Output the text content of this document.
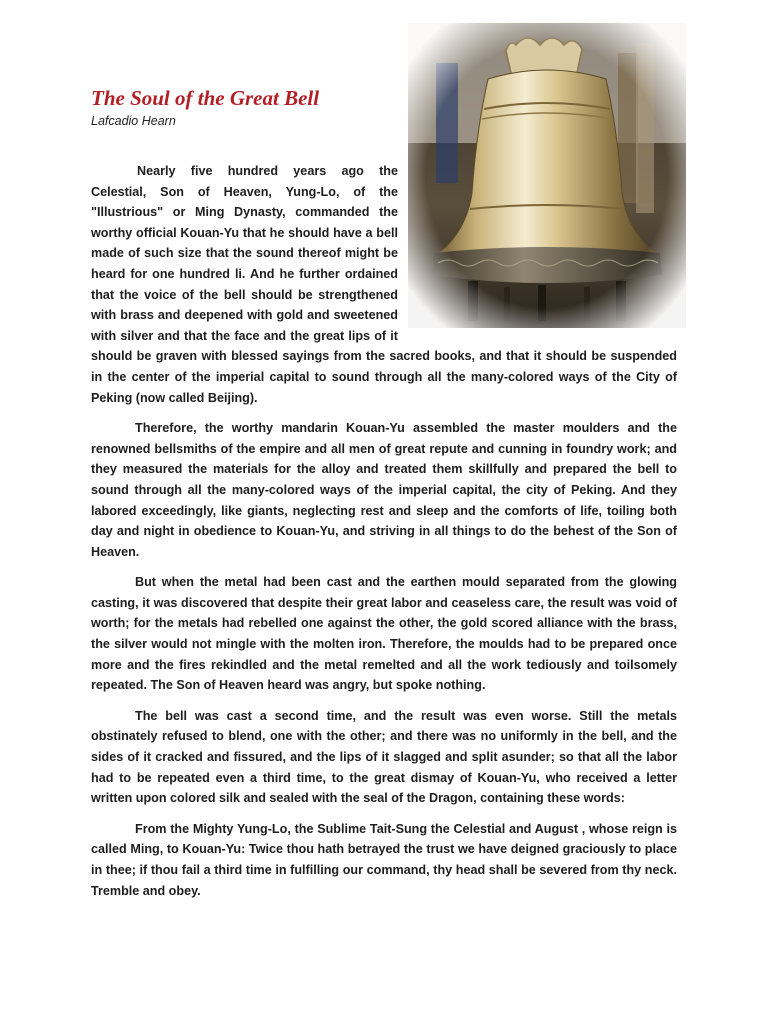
The Soul of the Great Bell
Lafcadio Hearn

Nearly five hundred years ago the Celestial, Son of Heaven, Yung-Lo, of the "Illustrious" or Ming Dynasty, commanded the worthy official Kouan-Yu that he should have a bell made of such size that the sound thereof might be heard for one hundred li. And he further ordained that the voice of the bell should be strengthened with brass and deepened with gold and sweetened with silver and that the face and the great lips of it should be graven with blessed sayings from the sacred books, and that it should be suspended in the center of the imperial capital to sound through all the many-colored ways of the City of Peking (now called Beijing).

Therefore, the worthy mandarin Kouan-Yu assembled the master moulders and the renowned bellsmiths of the empire and all men of great repute and cunning in foundry work; and they measured the materials for the alloy and treated them skillfully and prepared the bell to sound through all the many-colored ways of the imperial capital, the city of Peking. And they labored exceedingly, like giants, neglecting rest and sleep and the comforts of life, toiling both day and night in obedience to Kouan-Yu, and striving in all things to do the behest of the Son of Heaven.

But when the metal had been cast and the earthen mould separated from the glowing casting, it was discovered that despite their great labor and ceaseless care, the result was void of worth; for the metals had rebelled one against the other, the gold scored alliance with the brass, the silver would not mingle with the molten iron. Therefore, the moulds had to be prepared once more and the fires rekindled and the metal remelted and all the work tediously and toilsomely repeated. The Son of Heaven heard was angry, but spoke nothing.

The bell was cast a second time, and the result was even worse. Still the metals obstinately refused to blend, one with the other; and there was no uniformly in the bell, and the sides of it cracked and fissured, and the lips of it slagged and split asunder; so that all the labor had to be repeated even a third time, to the great dismay of Kouan-Yu, who received a letter written upon colored silk and sealed with the seal of the Dragon, containing these words:

From the Mighty Yung-Lo, the Sublime Tait-Sung the Celestial and August , whose reign is called Ming, to Kouan-Yu: Twice thou hath betrayed the trust we have deigned graciously to place in thee; if thou fail a third time in fulfilling our command, thy head shall be severed from thy neck. Tremble and obey.
